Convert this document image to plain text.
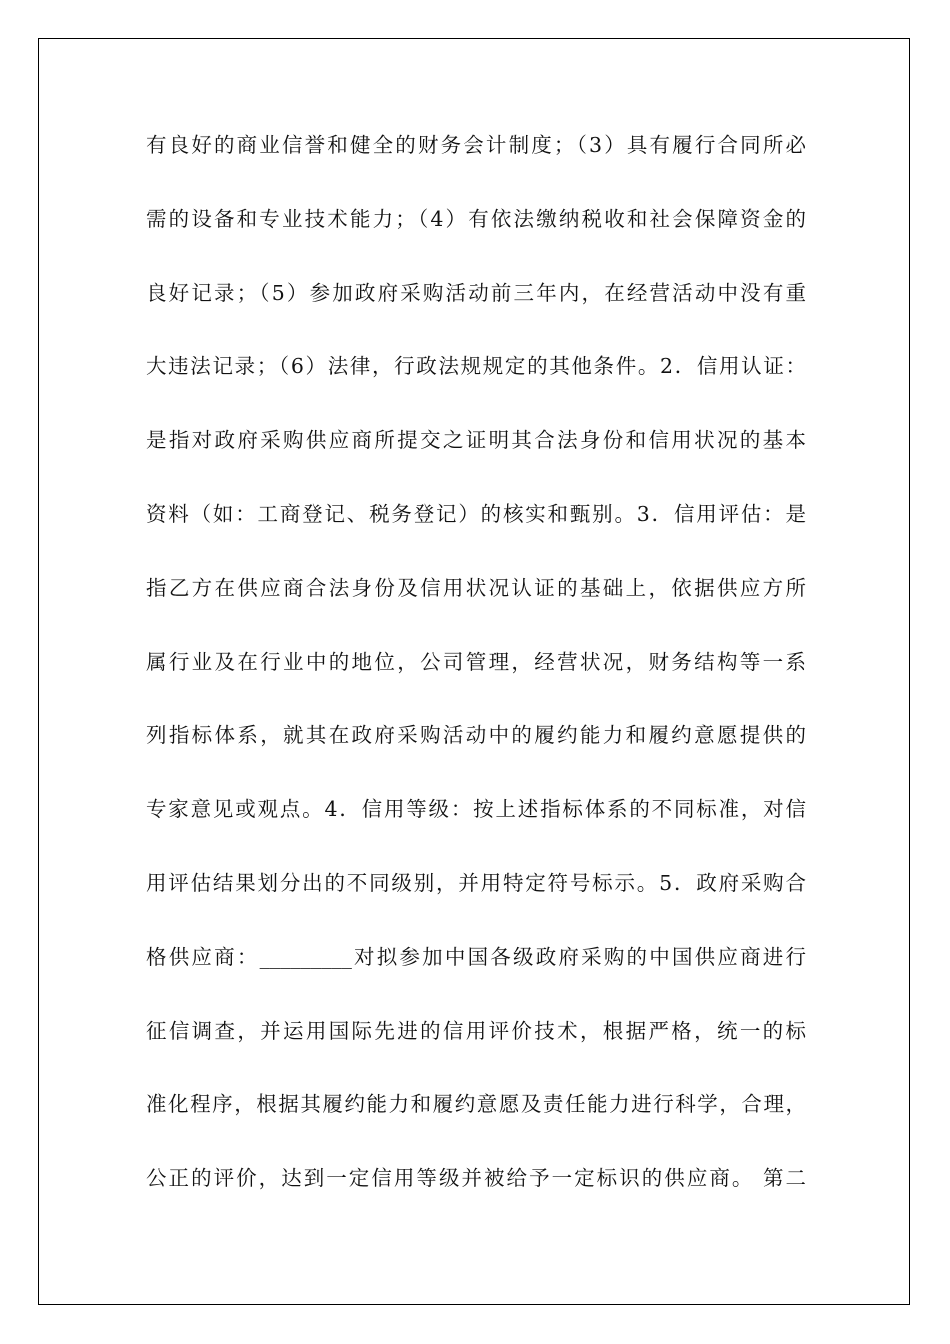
有良好的商业信誉和健全的财务会计制度；（3）具有履行合同所必
需的设备和专业技术能力；（4）有依法缴纳税收和社会保障资金的
良好记录；（5）参加政府采购活动前三年内，在经营活动中没有重
大违法记录；（6）法律，行政法规规定的其他条件。2．信用认证：
是指对政府采购供应商所提交之证明其合法身份和信用状况的基本
资料（如：工商登记、税务登记）的核实和甄别。3．信用评估：是
指乙方在供应商合法身份及信用状况认证的基础上，依据供应方所
属行业及在行业中的地位，公司管理，经营状况，财务结构等一系
列指标体系，就其在政府采购活动中的履约能力和履约意愿提供的
专家意见或观点。4．信用等级：按上述指标体系的不同标准，对信
用评估结果划分出的不同级别，并用特定符号标示。5．政府采购合
格供应商：_________对拟参加中国各级政府采购的中国供应商进行
征信调查，并运用国际先进的信用评价技术，根据严格，统一的标
准化程序，根据其履约能力和履约意愿及责任能力进行科学，合理，
公正的评价，达到一定信用等级并被给予一定标识的供应商。 第二
